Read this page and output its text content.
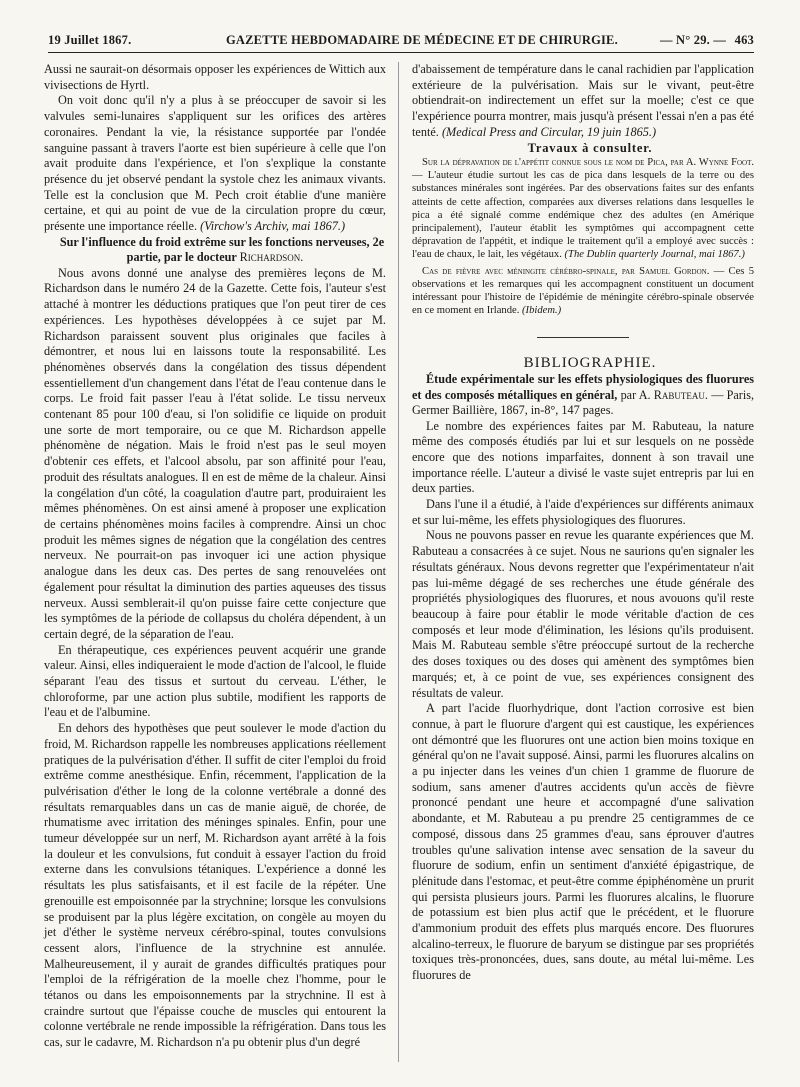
19 Juillet 1867.	GAZETTE HEBDOMADAIRE DE MÉDECINE ET DE CHIRURGIE.	— N° 29. — 463

Aussi ne saurait-on désormais opposer les expériences de Wittich aux vivisections de Hyrtl.

On voit donc qu'il n'y a plus à se préoccuper de savoir si les valvules semi-lunaires s'appliquent sur les orifices des artères coronaires. Pendant la vie, la résistance supportée par l'ondée sanguine passant à travers l'aorte est bien supérieure à celle que l'on avait produite dans l'expérience, et l'on s'explique la constante présence du jet observé pendant la systole chez les animaux vivants. Telle est la conclusion que M. Pech croit établie d'une manière certaine, et qui au point de vue de la circulation propre du cœur, présente une importance réelle. (Virchow's Archiv, mai 1867.)

Sur l'influence du froid extrême sur les fonctions nerveuses, 2e partie, par le docteur Richardson.

Nous avons donné une analyse des premières leçons de M. Richardson dans le numéro 24 de la Gazette. Cette fois, l'auteur s'est attaché à montrer les déductions pratiques que l'on peut tirer de ces expériences. Les hypothèses développées à ce sujet par M. Richardson paraissent souvent plus originales que faciles à démontrer, et nous lui en laissons toute la responsabilité. Les phénomènes observés dans la congélation des tissus dépendent essentiellement d'un changement dans l'état de l'eau contenue dans le corps. Le froid fait passer l'eau à l'état solide. Le tissu nerveux contenant 85 pour 100 d'eau, si l'on solidifie ce liquide on produit une sorte de mort temporaire, ou ce que M. Richardson appelle phénomène de négation. Mais le froid n'est pas le seul moyen d'obtenir ces effets, et l'alcool absolu, par son affinité pour l'eau, produit des résultats analogues. Il en est de même de la chaleur. Ainsi la congélation d'un côté, la coagulation d'autre part, produiraient les mêmes phénomènes. On est ainsi amené à proposer une explication de certains phénomènes moins faciles à comprendre. Ainsi un choc produit les mêmes signes de négation que la congélation des centres nerveux. Ne pourrait-on pas invoquer ici une action physique analogue dans les deux cas. Des pertes de sang renouvelées ont également pour résultat la diminution des parties aqueuses des tissus nerveux. Aussi semblerait-il qu'on puisse faire cette conjecture que les symptômes de la période de collapsus du choléra dépendent, à un certain degré, de la séparation de l'eau.

En thérapeutique, ces expériences peuvent acquérir une grande valeur. Ainsi, elles indiqueraient le mode d'action de l'alcool, le fluide séparant l'eau des tissus et surtout du cerveau. L'éther, le chloroforme, par une action plus subtile, modifient les rapports de l'eau et de l'albumine.

En dehors des hypothèses que peut soulever le mode d'action du froid, M. Richardson rappelle les nombreuses applications réellement pratiques de la pulvérisation d'éther. Il suffit de citer l'emploi du froid extrême comme anesthésique. Enfin, récemment, l'application de la pulvérisation d'éther le long de la colonne vertébrale a donné des résultats remarquables dans un cas de manie aiguë, de chorée, de rhumatisme avec irritation des méninges spinales. Enfin, pour une tumeur développée sur un nerf, M. Richardson ayant arrêté à la fois la douleur et les convulsions, fut conduit à essayer l'action du froid externe dans les convulsions tétaniques. L'expérience a donné les résultats les plus satisfaisants, et il est facile de la répéter. Une grenouille est empoisonnée par la strychnine; lorsque les convulsions se produisent par la plus légère excitation, on congèle au moyen du jet d'éther le système nerveux cérébro-spinal, toutes convulsions cessent alors, l'influence de la strychnine est annulée. Malheureusement, il y aurait de grandes difficultés pratiques pour l'emploi de la réfrigération de la moelle chez l'homme, pour le tétanos ou dans les empoisonnements par la strychnine. Il est à craindre surtout que l'épaisse couche de muscles qui entourent la colonne vertébrale ne rende impossible la réfrigération. Dans tous les cas, sur le cadavre, M. Richardson n'a pu obtenir plus d'un degré

d'abaissement de température dans le canal rachidien par l'application extérieure de la pulvérisation. Mais sur le vivant, peut-être obtiendrait-on indirectement un effet sur la moelle; c'est ce que l'expérience pourra montrer, mais jusqu'à présent l'essai n'en a pas été tenté. (Medical Press and Circular, 19 juin 1865.)

Travaux à consulter.

Sur la dépravation de l'appétit connue sous le nom de Pica, par A. Wynne Foot. — L'auteur étudie surtout les cas de pica dans lesquels de la terre ou des substances minérales sont ingérées. Par des observations faites sur des enfants atteints de cette affection, comparées aux diverses relations dans lesquelles le pica a été signalé comme endémique chez des adultes (en Amérique principalement), l'auteur établit les symptômes qui accompagnent cette dépravation de l'appétit, et indique le traitement qu'il a employé avec succès : l'eau de chaux, le lait, les végétaux. (The Dublin quarterly Journal, mai 1867.)

Cas de fièvre avec méningite cérébro-spinale, par Samuel Gordon. — Ces 5 observations et les remarques qui les accompagnent constituent un document intéressant pour l'histoire de l'épidémie de méningite cérébro-spinale observée en ce moment en Irlande. (Ibidem.)

BIBLIOGRAPHIE.

Étude expérimentale sur les effets physiologiques des fluorures et des composés métalliques en général, par A. Rabuteau. — Paris, Germer Baillière, 1867, in-8°, 147 pages.

Le nombre des expériences faites par M. Rabuteau, la nature même des composés étudiés par lui et sur lesquels on ne possède encore que des notions imparfaites, donnent à son travail une importance réelle. L'auteur a divisé le vaste sujet entrepris par lui en deux parties.

Dans l'une il a étudié, à l'aide d'expériences sur différents animaux et sur lui-même, les effets physiologiques des fluorures.

Nous ne pouvons passer en revue les quarante expériences que M. Rabuteau a consacrées à ce sujet. Nous ne saurions qu'en signaler les résultats généraux. Nous devons regretter que l'expérimentateur n'ait pas lui-même dégagé de ses recherches une étude générale des propriétés physiologiques des fluorures, et nous avouons qu'il reste beaucoup à faire pour établir le mode véritable d'action de ces composés et leur mode d'élimination, les lésions qu'ils produisent. Mais M. Rabuteau semble s'être préoccupé surtout de la recherche des doses toxiques ou des doses qui amènent des symptômes bien marqués; et, à ce point de vue, ses expériences consignent des résultats de valeur.

A part l'acide fluorhydrique, dont l'action corrosive est bien connue, à part le fluorure d'argent qui est caustique, les expériences ont démontré que les fluorures ont une action bien moins toxique en général qu'on ne l'avait supposé. Ainsi, parmi les fluorures alcalins on a pu injecter dans les veines d'un chien 1 gramme de fluorure de sodium, sans amener d'autres accidents qu'un accès de fièvre prononcé pendant une heure et accompagné d'une salivation abondante, et M. Rabuteau a pu prendre 25 centigrammes de ce composé, dissous dans 25 grammes d'eau, sans éprouver d'autres troubles qu'une salivation intense avec sensation de la saveur du fluorure de sodium, enfin un sentiment d'anxiété épigastrique, de plénitude dans l'estomac, et peut-être comme épiphénomène un prurit qui persista plusieurs jours. Parmi les fluorures alcalins, le fluorure de potassium est bien plus actif que le précédent, et le fluorure d'ammonium produit des effets plus marqués encore. Des fluorures alcalino-terreux, le fluorure de baryum se distingue par ses propriétés toxiques très-prononcées, dues, sans doute, au métal lui-même. Les fluorures de
